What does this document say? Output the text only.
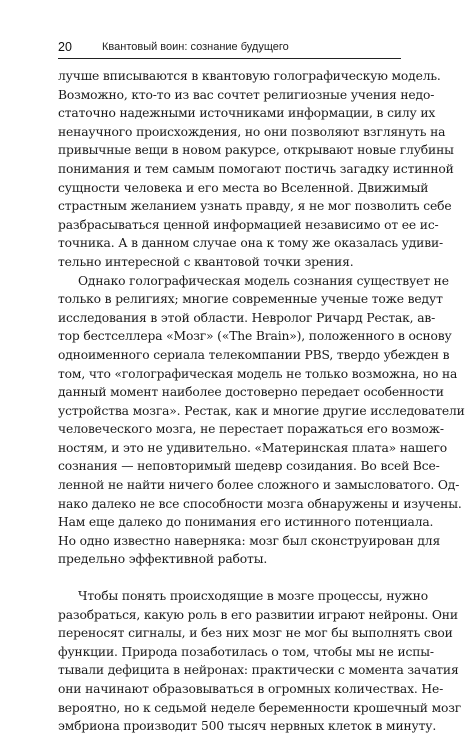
20	Квантовый воин: сознание будущего
лучше вписываются в квантовую голографическую модель.
Возможно, кто-то из вас сочтет религиозные учения недо-
статочно надежными источниками информации, в силу их
ненаучного происхождения, но они позволяют взглянуть на
привычные вещи в новом ракурсе, открывают новые глубины
понимания и тем самым помогают постичь загадку истинной
сущности человека и его места во Вселенной. Движимый
страстным желанием узнать правду, я не мог позволить себе
разбрасываться ценной информацией независимо от ее ис-
точника. А в данном случае она к тому же оказалась удиви-
тельно интересной с квантовой точки зрения.
Однако голографическая модель сознания существует не
только в религиях; многие современные ученые тоже ведут
исследования в этой области. Невролог Ричард Рестак, ав-
тор бестселлера «Мозг» («The Brain»), положенного в основу
одноименного сериала телекомпании PBS, твердо убежден в
том, что «голографическая модель не только возможна, но на
данный момент наиболее достоверно передает особенности
устройства мозга». Рестак, как и многие другие исследователи
человеческого мозга, не перестает поражаться его возмож-
ностям, и это не удивительно. «Материнская плата» нашего
сознания — неповторимый шедевр созидания. Во всей Все-
ленной не найти ничего более сложного и замысловатого. Од-
нако далеко не все способности мозга обнаружены и изучены.
Нам еще далеко до понимания его истинного потенциала.
Но одно известно наверняка: мозг был сконструирован для
предельно эффективной работы.
Чтобы понять происходящие в мозге процессы, нужно
разобраться, какую роль в его развитии играют нейроны. Они
переносят сигналы, и без них мозг не мог бы выполнять свои
функции. Природа позаботилась о том, чтобы мы не испы-
тывали дефицита в нейронах: практически с момента зачатия
они начинают образовываться в огромных количествах. Не-
вероятно, но к седьмой неделе беременности крошечный мозг
эмбриона производит 500 тысяч нервных клеток в минуту.
